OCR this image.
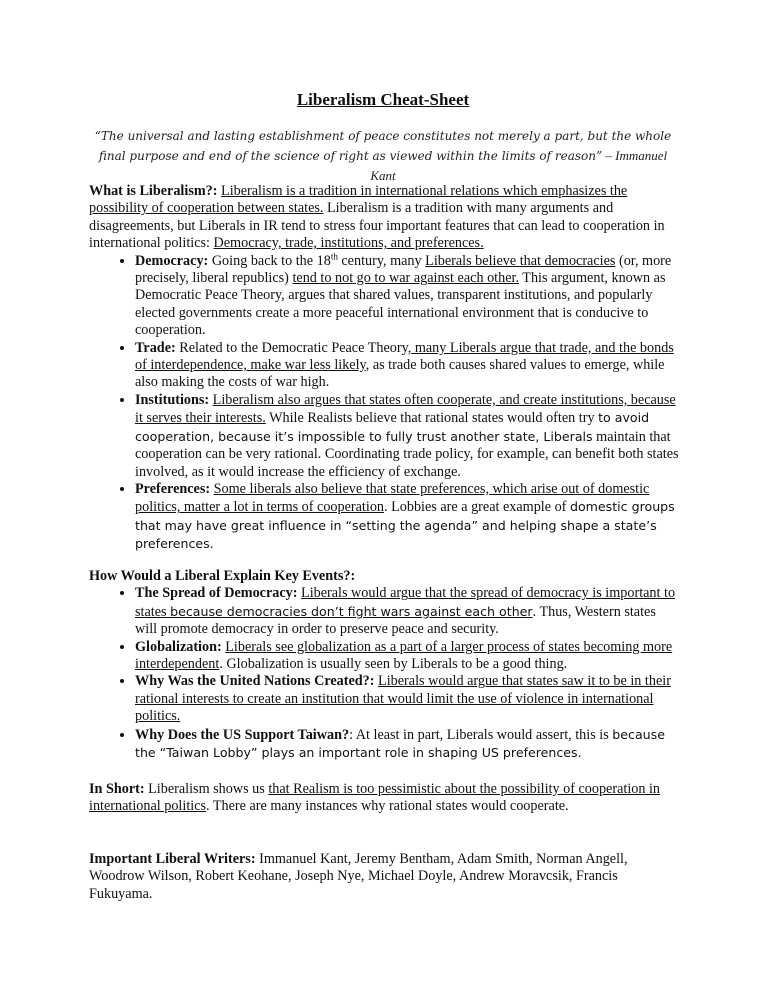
Liberalism Cheat-Sheet
“The universal and lasting establishment of peace constitutes not merely a part, but the whole final purpose and end of the science of right as viewed within the limits of reason” – Immanuel Kant

What is Liberalism?: Liberalism is a tradition in international relations which emphasizes the possibility of cooperation between states. Liberalism is a tradition with many arguments and disagreements, but Liberals in IR tend to stress four important features that can lead to cooperation in international politics: Democracy, trade, institutions, and preferences.

• Democracy: Going back to the 18th century, many Liberals believe that democracies (or, more precisely, liberal republics) tend to not go to war against each other. This argument, known as Democratic Peace Theory, argues that shared values, transparent institutions, and popularly elected governments create a more peaceful international environment that is conducive to cooperation.
• Trade: Related to the Democratic Peace Theory, many Liberals argue that trade, and the bonds of interdependence, make war less likely, as trade both causes shared values to emerge, while also making the costs of war high.
• Institutions: Liberalism also argues that states often cooperate, and create institutions, because it serves their interests. While Realists believe that rational states would often try to avoid cooperation, because it’s impossible to fully trust another state, Liberals maintain that cooperation can be very rational. Coordinating trade policy, for example, can benefit both states involved, as it would increase the efficiency of exchange.
• Preferences: Some liberals also believe that state preferences, which arise out of domestic politics, matter a lot in terms of cooperation. Lobbies are a great example of domestic groups that may have great influence in “setting the agenda” and helping shape a state’s preferences.

How Would a Liberal Explain Key Events?:

• The Spread of Democracy: Liberals would argue that the spread of democracy is important to states because democracies don’t fight wars against each other. Thus, Western states will promote democracy in order to preserve peace and security.
• Globalization: Liberals see globalization as a part of a larger process of states becoming more interdependent. Globalization is usually seen by Liberals to be a good thing.
• Why Was the United Nations Created?: Liberals would argue that states saw it to be in their rational interests to create an institution that would limit the use of violence in international politics.
• Why Does the US Support Taiwan?: At least in part, Liberals would assert, this is because the “Taiwan Lobby” plays an important role in shaping US preferences.

In Short: Liberalism shows us that Realism is too pessimistic about the possibility of cooperation in international politics. There are many instances why rational states would cooperate.

Important Liberal Writers: Immanuel Kant, Jeremy Bentham, Adam Smith, Norman Angell, Woodrow Wilson, Robert Keohane, Joseph Nye, Michael Doyle, Andrew Moravcsik, Francis Fukuyama.
